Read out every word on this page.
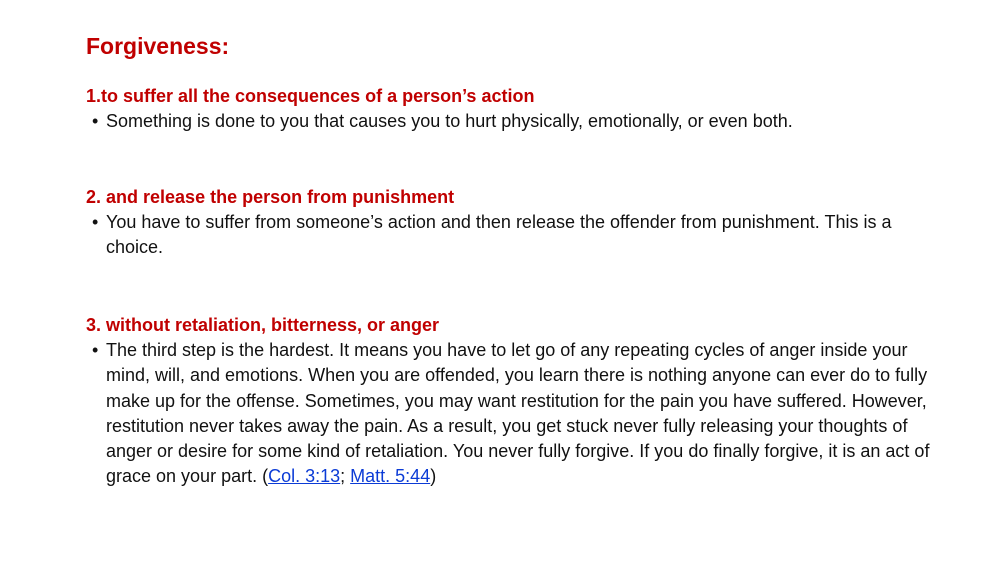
Forgiveness:

1.to suffer all the consequences of a person’s action

• Something is done to you that causes you to hurt physically, emotionally, or even both.

2. and release the person from punishment

• You have to suffer from someone’s action and then release the offender from punishment. This is a choice.

3. without retaliation, bitterness, or anger

• The third step is the hardest. It means you have to let go of any repeating cycles of anger inside your mind, will, and emotions. When you are offended, you learn there is nothing anyone can ever do to fully make up for the offense. Sometimes, you may want restitution for the pain you have suffered. However, restitution never takes away the pain. As a result, you get stuck never fully releasing your thoughts of anger or desire for some kind of retaliation. You never fully forgive. If you do finally forgive, it is an act of grace on your part. (Col. 3:13; Matt. 5:44)
